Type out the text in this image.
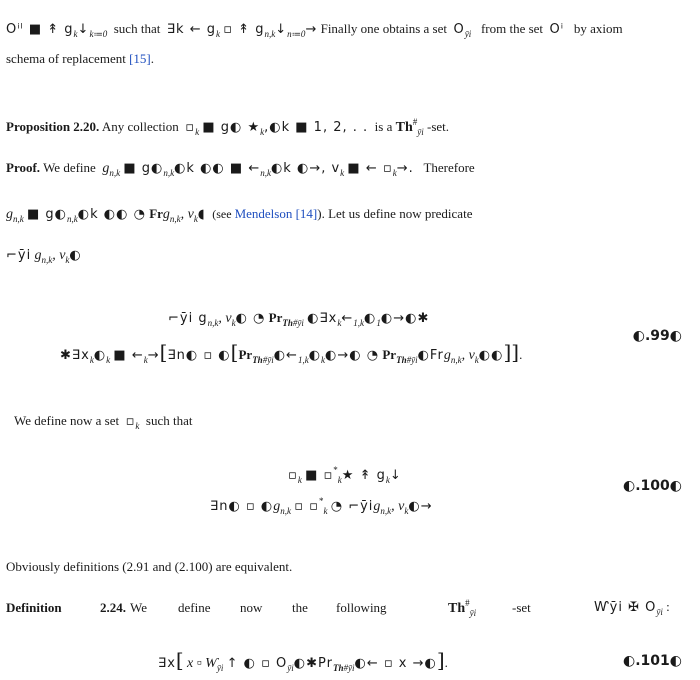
Oⁱˡ ■ ↟ $g_k↓_{k≔0}$ such that ∃k ← $g_k$ ▫ ↟ $g_{n,k}↓_{n≔0}\to$ Finally one obtains a set $O_{ȳі}$ from the set Oⁱ by axiom
schema of replacement [15].
Proposition 2.20. Any collection $▫_k$ ■ g◐ $★_k,◐k$ ■ 1, 2, . . is a $Th^{\#}_{ȳі}$ -set.
Proof. We define $g_{n,k}$ ■ $g◐_{n,k}◐k$ ◐◐ ■ $\leftarrow_{n,k}◐k$ ◐→, $v_k$ ■ ← $▫_k\to$. Therefore
$g_{n,k}$ ■ $g◐_{n,k}◐k$ ◐◐ ◔ Frg$_{n,k}$, $v_k◖$ (see Mendelson [14]). Let us define now predicate
⌐ȳі $g_{n,k}$, $v_k◐$
⌐ȳі $g_{n,k}$, $v_k◐$ ◔ $Pr_{Th\#ȳі}$ $◐\exists x_k\leftarrow_{1,k}◐_1◐\to◐✱$
◐.99◐
$✱\exists x_k◐_k$ ■ $\leftarrow_k\to[\exists n◐$ ▫ $◐[Pr_{Th\#ȳі}◐\leftarrow_{1,k}◐_k◐\to◐$ ◔ $Pr_{Th\#ȳі}◐Frg_{n,k}$, $v_k◐◐$]].
We define now a set $▫_k$ such that
$▫_k$ ■ $▫^*_k★$ ↟ $g_k↓$
◐.100◐
∃n◐ ▫ $◐g_{n,k}$ ▫ $▫^*_k$ ◔ ⌐ȳіg$_{n,k}$, $v_k◐\to$
Obviously definitions (2.91 and (2.100) are equivalent.
Definition	2.24. We define now the following	$Th^{\#}_{ȳі}$	-set	Ⱳȳі ✠ $O_{ȳі}$ :
∃x[ x ▫ Ⱳ$_{ȳі}$ ↑ ◐ ▫ $O_{ȳі}◐✱Pr_{Th\#ȳі}◐\leftarrow$ ▫ x →◐].	◐.101◐
